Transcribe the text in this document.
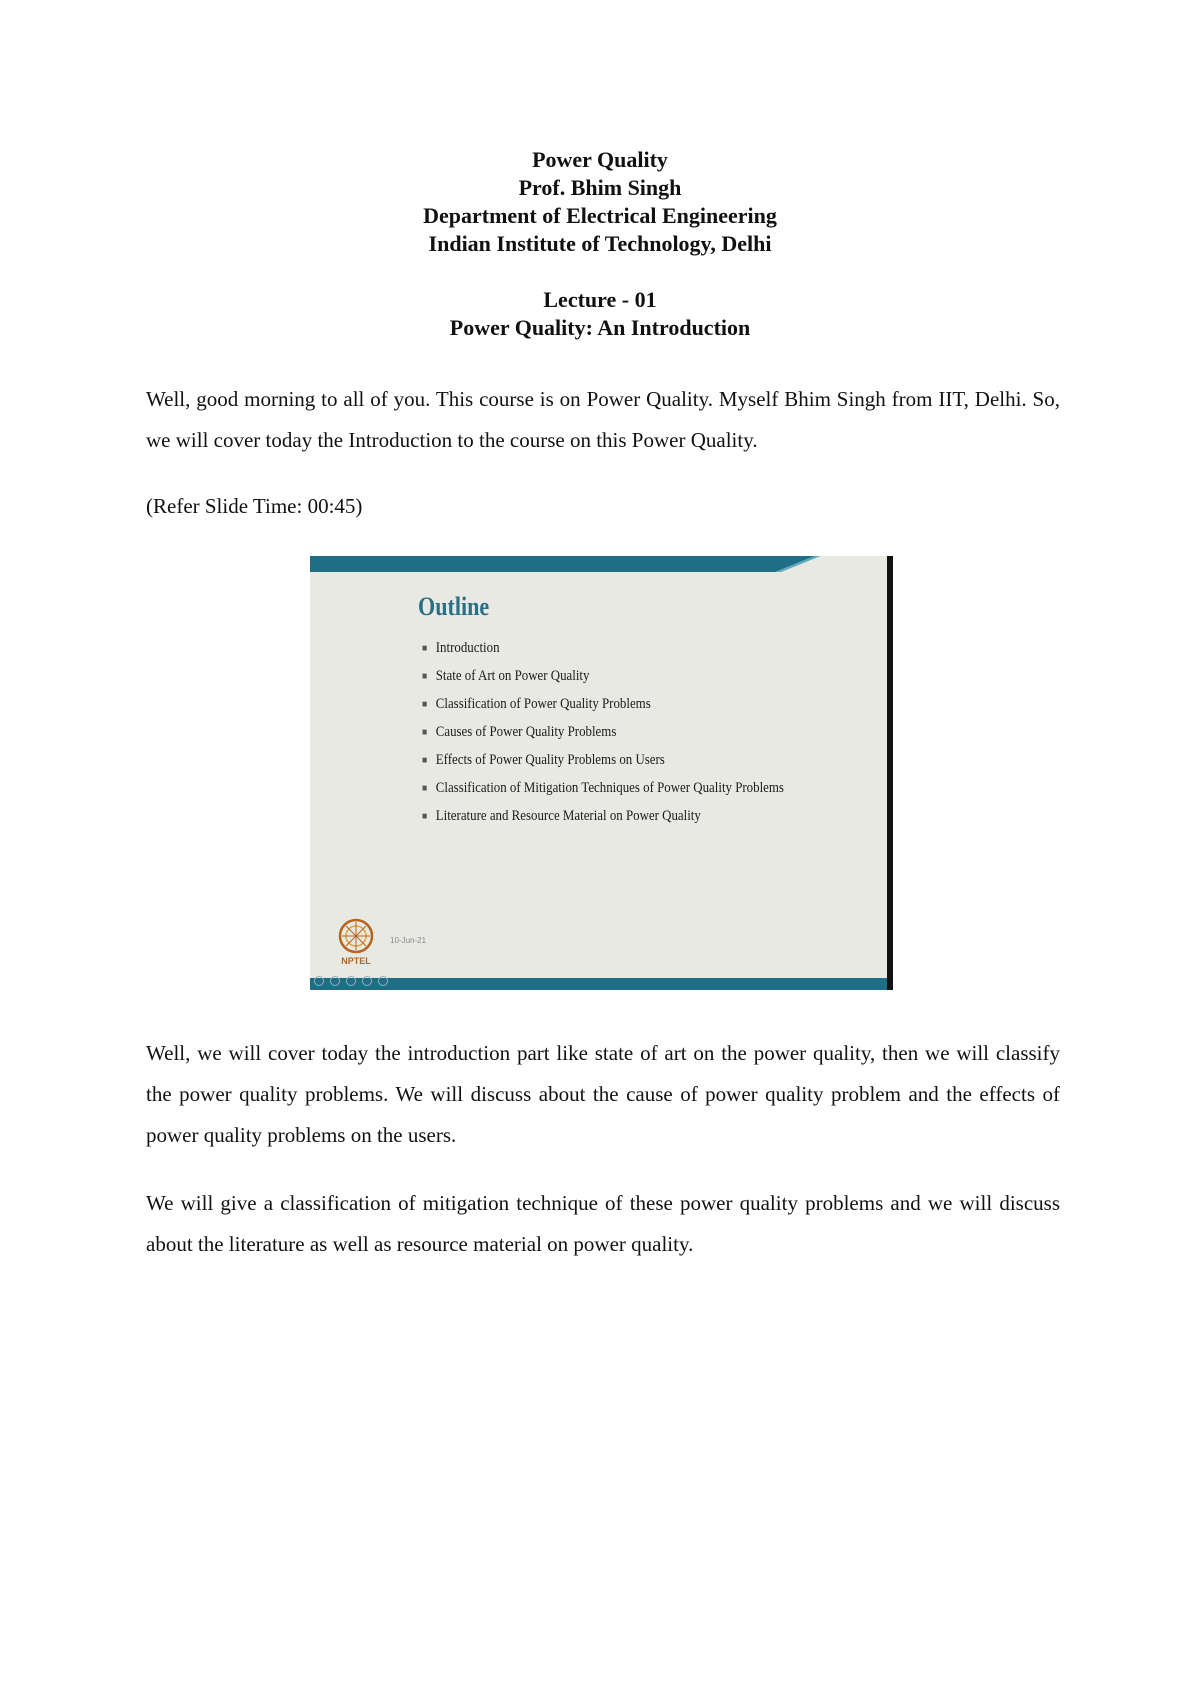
Power Quality
Prof. Bhim Singh
Department of Electrical Engineering
Indian Institute of Technology, Delhi
Lecture - 01
Power Quality: An Introduction

Well, good morning to all of you. This course is on Power Quality. Myself Bhim Singh from IIT, Delhi. So, we will cover today the Introduction to the course on this Power Quality.

(Refer Slide Time: 00:45)

Outline
■ Introduction
■ State of Art on Power Quality
■ Classification of Power Quality Problems
■ Causes of Power Quality Problems
■ Effects of Power Quality Problems on Users
■ Classification of Mitigation Techniques of Power Quality Problems
■ Literature and Resource Material on Power Quality
NPTEL
10-Jun-21

Well, we will cover today the introduction part like state of art on the power quality, then we will classify the power quality problems. We will discuss about the cause of power quality problem and the effects of power quality problems on the users.

We will give a classification of mitigation technique of these power quality problems and we will discuss about the literature as well as resource material on power quality.
